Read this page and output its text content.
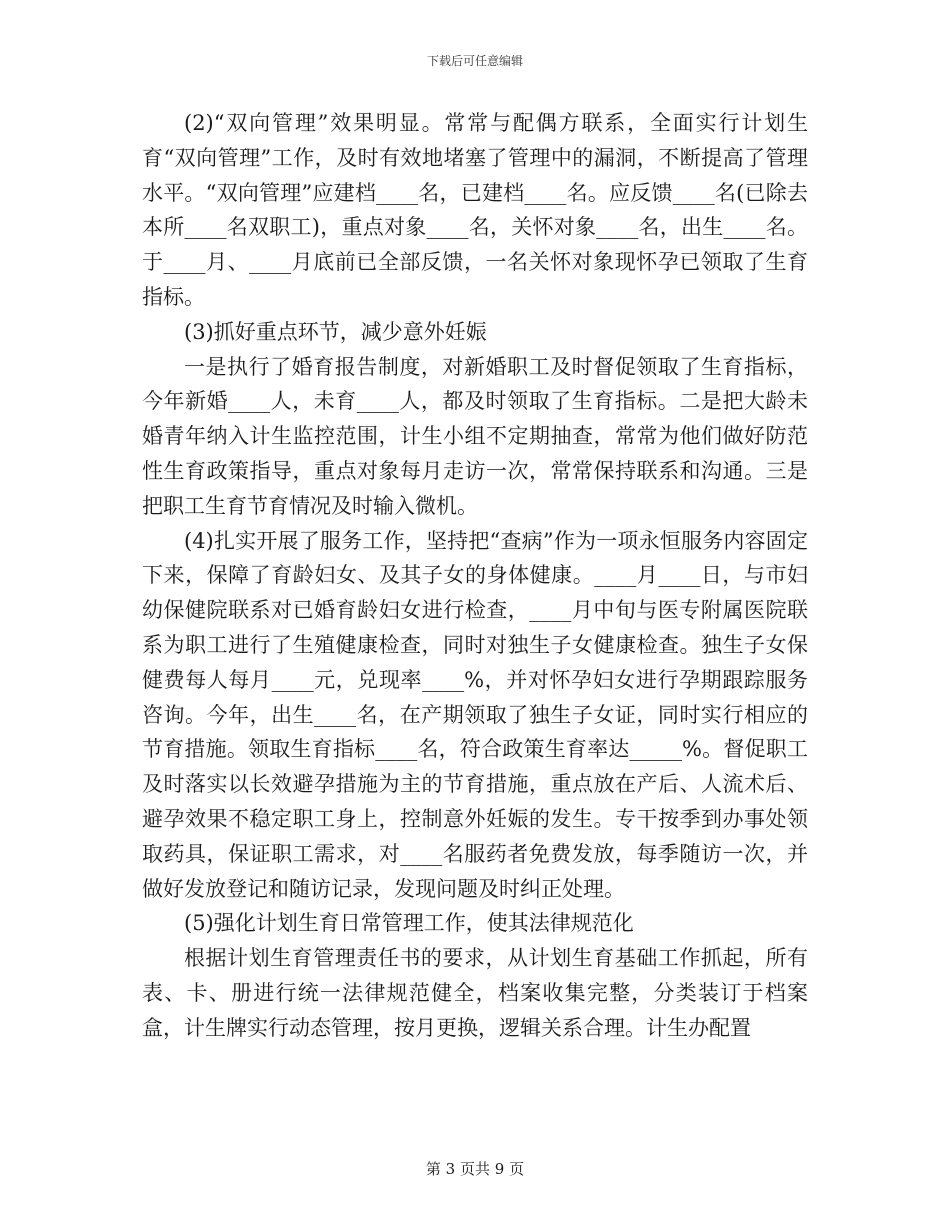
下载后可任意编辑

(2)“双向管理”效果明显。常常与配偶方联系，全面实行计划生育“双向管理”工作，及时有效地堵塞了管理中的漏洞，不断提高了管理水平。“双向管理”应建档____名，已建档____名。应反馈____名(已除去本所____名双职工)，重点对象____名，关怀对象____名，出生____名。于____月、____月底前已全部反馈，一名关怀对象现怀孕已领取了生育指标。

(3)抓好重点环节，减少意外妊娠

一是执行了婚育报告制度，对新婚职工及时督促领取了生育指标，今年新婚____人，未育____人，都及时领取了生育指标。二是把大龄未婚青年纳入计生监控范围，计生小组不定期抽查，常常为他们做好防范性生育政策指导，重点对象每月走访一次，常常保持联系和沟通。三是把职工生育节育情况及时输入微机。

(4)扎实开展了服务工作，坚持把“查病”作为一项永恒服务内容固定下来，保障了育龄妇女、及其子女的身体健康。____月____日，与市妇幼保健院联系对已婚育龄妇女进行检查，____月中旬与医专附属医院联系为职工进行了生殖健康检查，同时对独生子女健康检查。独生子女保健费每人每月____元，兑现率____%，并对怀孕妇女进行孕期跟踪服务咨询。今年，出生____名，在产期领取了独生子女证，同时实行相应的节育措施。领取生育指标____名，符合政策生育率达_____%。督促职工及时落实以长效避孕措施为主的节育措施，重点放在产后、人流术后、避孕效果不稳定职工身上，控制意外妊娠的发生。专干按季到办事处领取药具，保证职工需求，对____名服药者免费发放，每季随访一次，并做好发放登记和随访记录，发现问题及时纠正处理。

(5)强化计划生育日常管理工作，使其法律规范化

根据计划生育管理责任书的要求，从计划生育基础工作抓起，所有表、卡、册进行统一法律规范健全，档案收集完整，分类装订于档案盒，计生牌实行动态管理，按月更换，逻辑关系合理。计生办配置

第 3 页共 9 页
